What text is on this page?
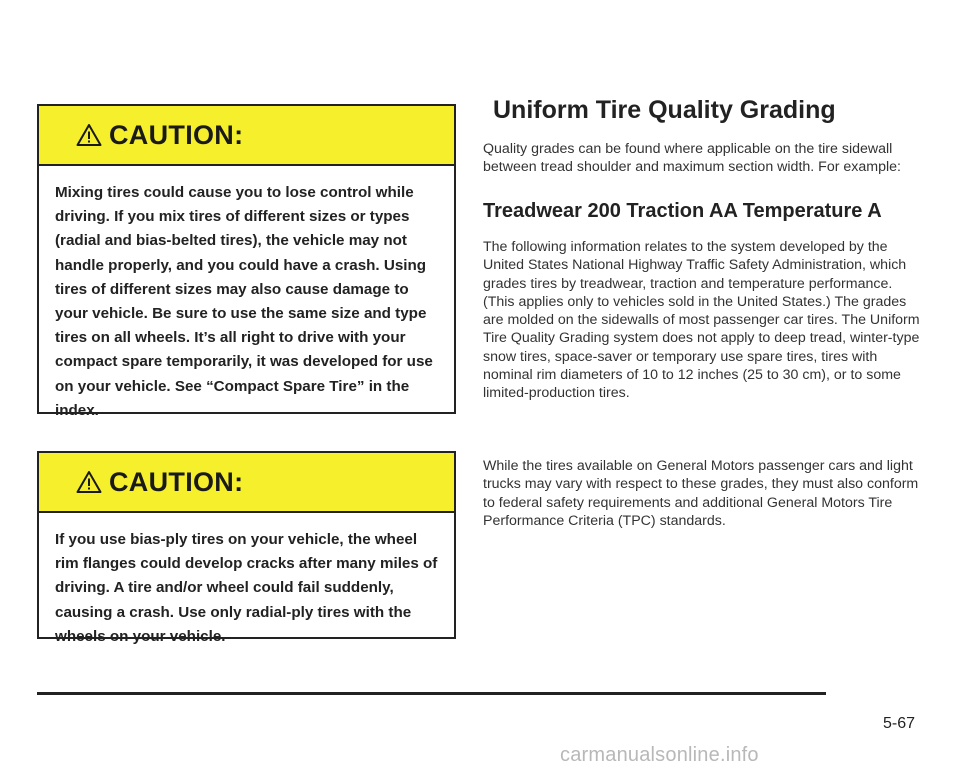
CAUTION:
Mixing tires could cause you to lose control while driving. If you mix tires of different sizes or types (radial and bias-belted tires), the vehicle may not handle properly, and you could have a crash. Using tires of different sizes may also cause damage to your vehicle. Be sure to use the same size and type tires on all wheels. It’s all right to drive with your compact spare temporarily, it was developed for use on your vehicle. See “Compact Spare Tire” in the index.
CAUTION:
If you use bias-ply tires on your vehicle, the wheel rim flanges could develop cracks after many miles of driving. A tire and/or wheel could fail suddenly, causing a crash. Use only radial-ply tires with the wheels on your vehicle.
Uniform Tire Quality Grading
Quality grades can be found where applicable on the tire sidewall between tread shoulder and maximum section width. For example:
Treadwear 200 Traction AA Temperature A
The following information relates to the system developed by the United States National Highway Traffic Safety Administration, which grades tires by treadwear, traction and temperature performance. (This applies only to vehicles sold in the United States.) The grades are molded on the sidewalls of most passenger car tires. The Uniform Tire Quality Grading system does not apply to deep tread, winter-type snow tires, space-saver or temporary use spare tires, tires with nominal rim diameters of 10 to 12 inches (25 to 30 cm), or to some limited-production tires.
While the tires available on General Motors passenger cars and light trucks may vary with respect to these grades, they must also conform to federal safety requirements and additional General Motors Tire Performance Criteria (TPC) standards.
5-67
carmanualsonline.info
